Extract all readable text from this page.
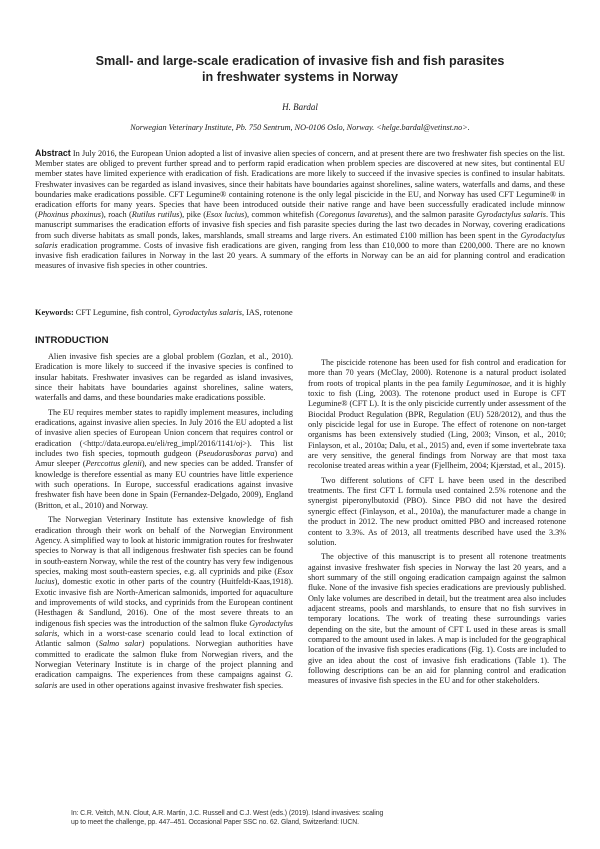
Small- and large-scale eradication of invasive fish and fish parasites
in freshwater systems in Norway
H. Bardal
Norwegian Veterinary Institute, Pb. 750 Sentrum, NO-0106 Oslo, Norway. <helge.bardal@vetinst.no>.
Abstract In July 2016, the European Union adopted a list of invasive alien species of concern, and at present there are two freshwater fish species on the list. Member states are obliged to prevent further spread and to perform rapid eradication when problem species are discovered at new sites, but continental EU member states have limited experience with eradication of fish. Eradications are more likely to succeed if the invasive species is confined to insular habitats. Freshwater invasives can be regarded as island invasives, since their habitats have boundaries against shorelines, saline waters, waterfalls and dams, and these boundaries make eradications possible. CFT Legumine® containing rotenone is the only legal piscicide in the EU, and Norway has used CFT Legumine® in eradication efforts for many years. Species that have been introduced outside their native range and have been successfully eradicated include minnow (Phoxinus phoxinus), roach (Rutilus rutilus), pike (Esox lucius), common whitefish (Coregonus lavaretus), and the salmon parasite Gyrodactylus salaris. This manuscript summarises the eradication efforts of invasive fish species and fish parasite species during the last two decades in Norway, covering eradications from such diverse habitats as small ponds, lakes, marshlands, small streams and large rivers. An estimated £100 million has been spent in the Gyrodactylus salaris eradication programme. Costs of invasive fish eradications are given, ranging from less than £10,000 to more than £200,000. There are no known invasive fish eradication failures in Norway in the last 20 years. A summary of the efforts in Norway can be an aid for planning control and eradication measures of invasive fish species in other countries.
Keywords: CFT Legumine, fish control, Gyrodactylus salaris, IAS, rotenone
INTRODUCTION

Alien invasive fish species are a global problem (Gozlan, et al., 2010). Eradication is more likely to succeed if the invasive species is confined to insular habitats. Freshwater invasives can be regarded as island invasives, since their habitats have boundaries against shorelines, saline waters, waterfalls and dams, and these boundaries make eradications possible.

The EU requires member states to rapidly implement measures, including eradications, against invasive alien species. In July 2016 the EU adopted a list of invasive alien species of European Union concern that requires control or eradication (<http://data.europa.eu/eli/reg_impl/2016/1141/oj>). This list includes two fish species, topmouth gudgeon (Pseudorasboras parva) and Amur sleeper (Perccottus glenii), and new species can be added. Transfer of knowledge is therefore essential as many EU countries have little experience with such operations. In Europe, successful eradications against invasive freshwater fish have been done in Spain (Fernandez-Delgado, 2009), England (Britton, et al., 2010) and Norway.

The Norwegian Veterinary Institute has extensive knowledge of fish eradication through their work on behalf of the Norwegian Environment Agency. A simplified way to look at historic immigration routes for freshwater species to Norway is that all indigenous freshwater fish species can be found in south-eastern Norway, while the rest of the country has very few indigenous species, making most south-eastern species, e.g. all cyprinids and pike (Esox lucius), domestic exotic in other parts of the country (Huitfeldt-Kaas,1918). Exotic invasive fish are North-American salmonids, imported for aquaculture and improvements of wild stocks, and cyprinids from the European continent (Hesthagen & Sandlund, 2016). One of the most severe threats to an indigenous fish species was the introduction of the salmon fluke Gyrodactylus salaris, which in a worst-case scenario could lead to local extinction of Atlantic salmon (Salmo salar) populations. Norwegian authorities have committed to eradicate the salmon fluke from Norwegian rivers, and the Norwegian Veterinary Institute is in charge of the project planning and eradication campaigns. The experiences from these campaigns against G. salaris are used in other operations against invasive freshwater fish species.

The piscicide rotenone has been used for fish control and eradication for more than 70 years (McClay, 2000). Rotenone is a natural product isolated from roots of tropical plants in the pea family Leguminosae, and it is highly toxic to fish (Ling, 2003). The rotenone product used in Europe is CFT Legumine® (CFT L). It is the only piscicide currently under assessment of the Biocidal Product Regulation (BPR, Regulation (EU) 528/2012), and thus the only piscicide legal for use in Europe. The effect of rotenone on non-target organisms has been extensively studied (Ling, 2003; Vinson, et al., 2010; Finlayson, et al., 2010a; Dalu, et al., 2015) and, even if some invertebrate taxa are very sensitive, the general findings from Norway are that most taxa recolonise treated areas within a year (Fjellheim, 2004; Kjærstad, et al., 2015).

Two different solutions of CFT L have been used in the described treatments. The first CFT L formula used contained 2.5% rotenone and the synergist piperonylbutoxid (PBO). Since PBO did not have the desired synergic effect (Finlayson, et al., 2010a), the manufacturer made a change in the product in 2012. The new product omitted PBO and increased rotenone content to 3.3%. As of 2013, all treatments described have used the 3.3% solution.

The objective of this manuscript is to present all rotenone treatments against invasive freshwater fish species in Norway the last 20 years, and a short summary of the still ongoing eradication campaign against the salmon fluke. None of the invasive fish species eradications are previously published. Only lake volumes are described in detail, but the treatment area also includes adjacent streams, pools and marshlands, to ensure that no fish survives in temporary locations. The work of treating these surroundings varies depending on the site, but the amount of CFT L used in these areas is small compared to the amount used in lakes. A map is included for the geographical location of the invasive fish species eradications (Fig. 1). Costs are included to give an idea about the cost of invasive fish eradications (Table 1). The following descriptions can be an aid for planning control and eradication measures of invasive fish species in the EU and for other stakeholders.

In: C.R. Veitch, M.N. Clout, A.R. Martin, J.C. Russell and C.J. West (eds.) (2019). Island invasives: scaling
up to meet the challenge, pp. 447–451. Occasional Paper SSC no. 62. Gland, Switzerland: IUCN.
